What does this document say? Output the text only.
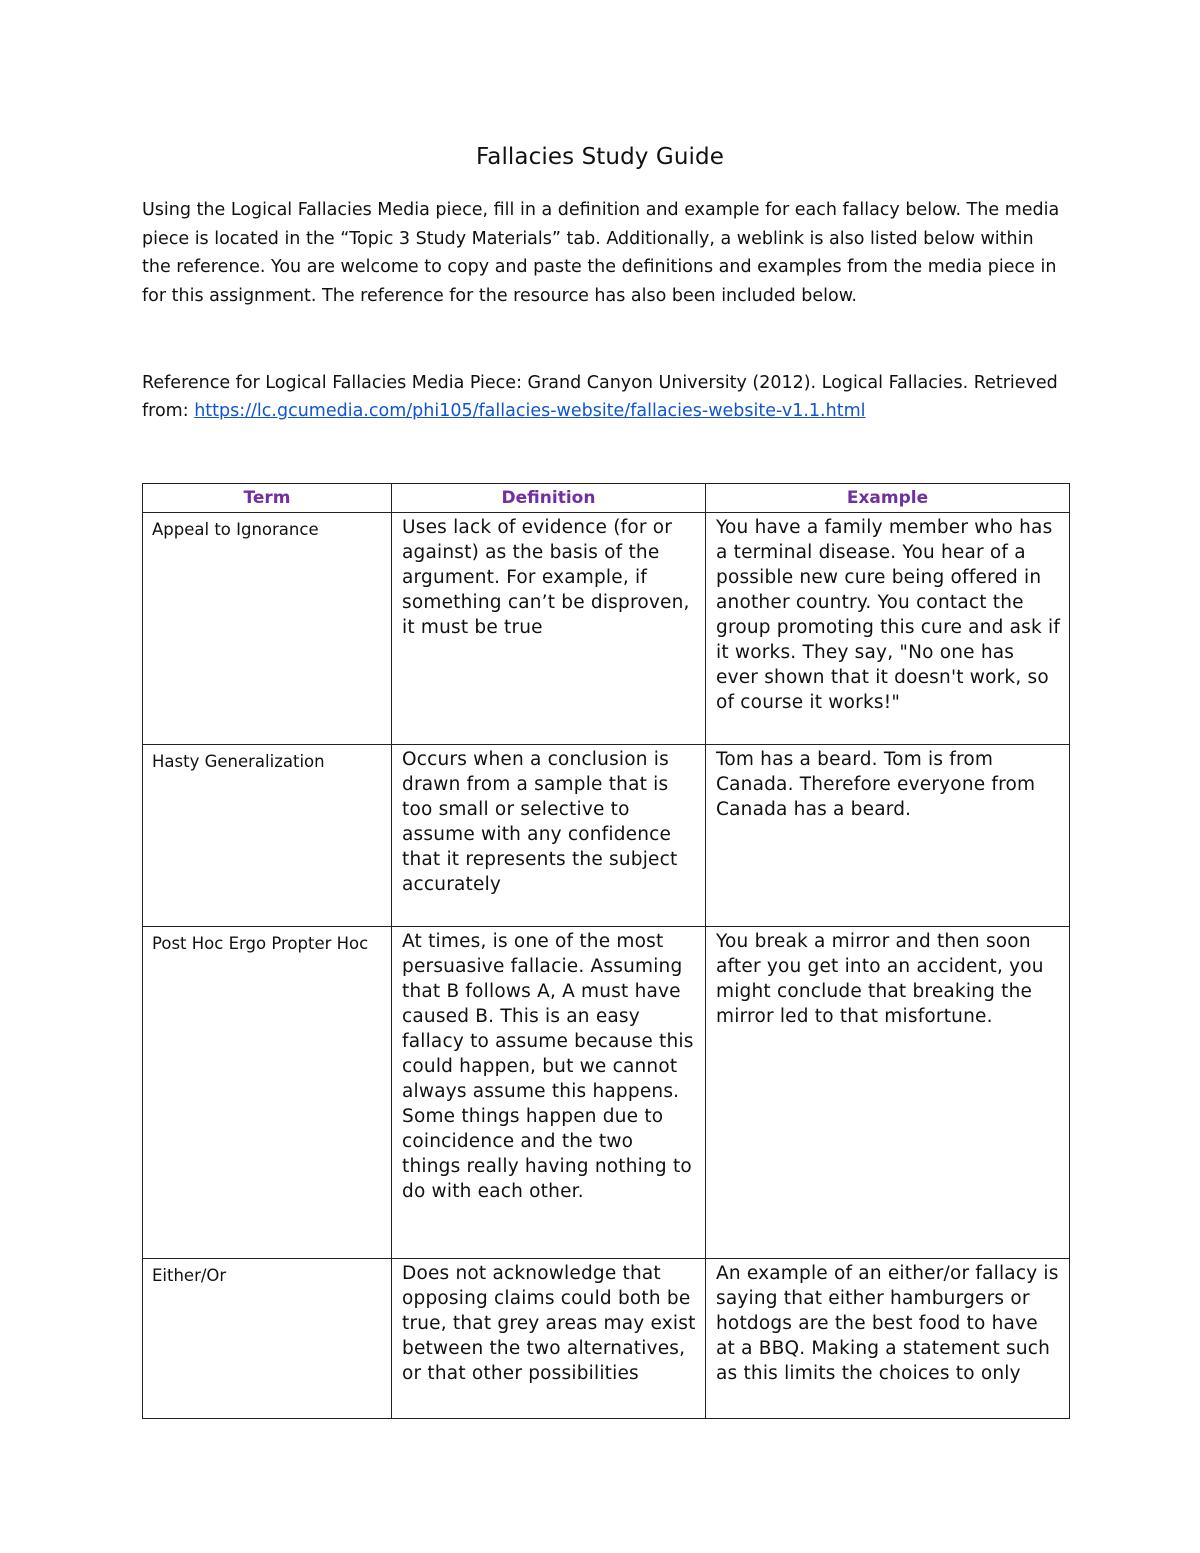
Fallacies Study Guide

Using the Logical Fallacies Media piece, fill in a definition and example for each fallacy below. The media piece is located in the “Topic 3 Study Materials” tab. Additionally, a weblink is also listed below within the reference. You are welcome to copy and paste the definitions and examples from the media piece in for this assignment. The reference for the resource has also been included below.

Reference for Logical Fallacies Media Piece: Grand Canyon University (2012). Logical Fallacies. Retrieved from: https://lc.gcumedia.com/phi105/fallacies-website/fallacies-website-v1.1.html

Term	Definition	Example
Appeal to Ignorance	Uses lack of evidence (for or against) as the basis of the argument. For example, if something can’t be disproven, it must be true	You have a family member who has a terminal disease. You hear of a possible new cure being offered in another country. You contact the group promoting this cure and ask if it works. They say, "No one has ever shown that it doesn't work, so of course it works!"
Hasty Generalization	Occurs when a conclusion is drawn from a sample that is too small or selective to assume with any confidence that it represents the subject accurately	Tom has a beard. Tom is from Canada. Therefore everyone from Canada has a beard.
Post Hoc Ergo Propter Hoc	At times, is one of the most persuasive fallacie. Assuming that B follows A, A must have caused B. This is an easy fallacy to assume because this could happen, but we cannot always assume this happens. Some things happen due to coincidence and the two things really having nothing to do with each other.	You break a mirror and then soon after you get into an accident, you might conclude that breaking the mirror led to that misfortune.
Either/Or	Does not acknowledge that opposing claims could both be true, that grey areas may exist between the two alternatives, or that other possibilities	An example of an either/or fallacy is saying that either hamburgers or hotdogs are the best food to have at a BBQ. Making a statement such as this limits the choices to only
